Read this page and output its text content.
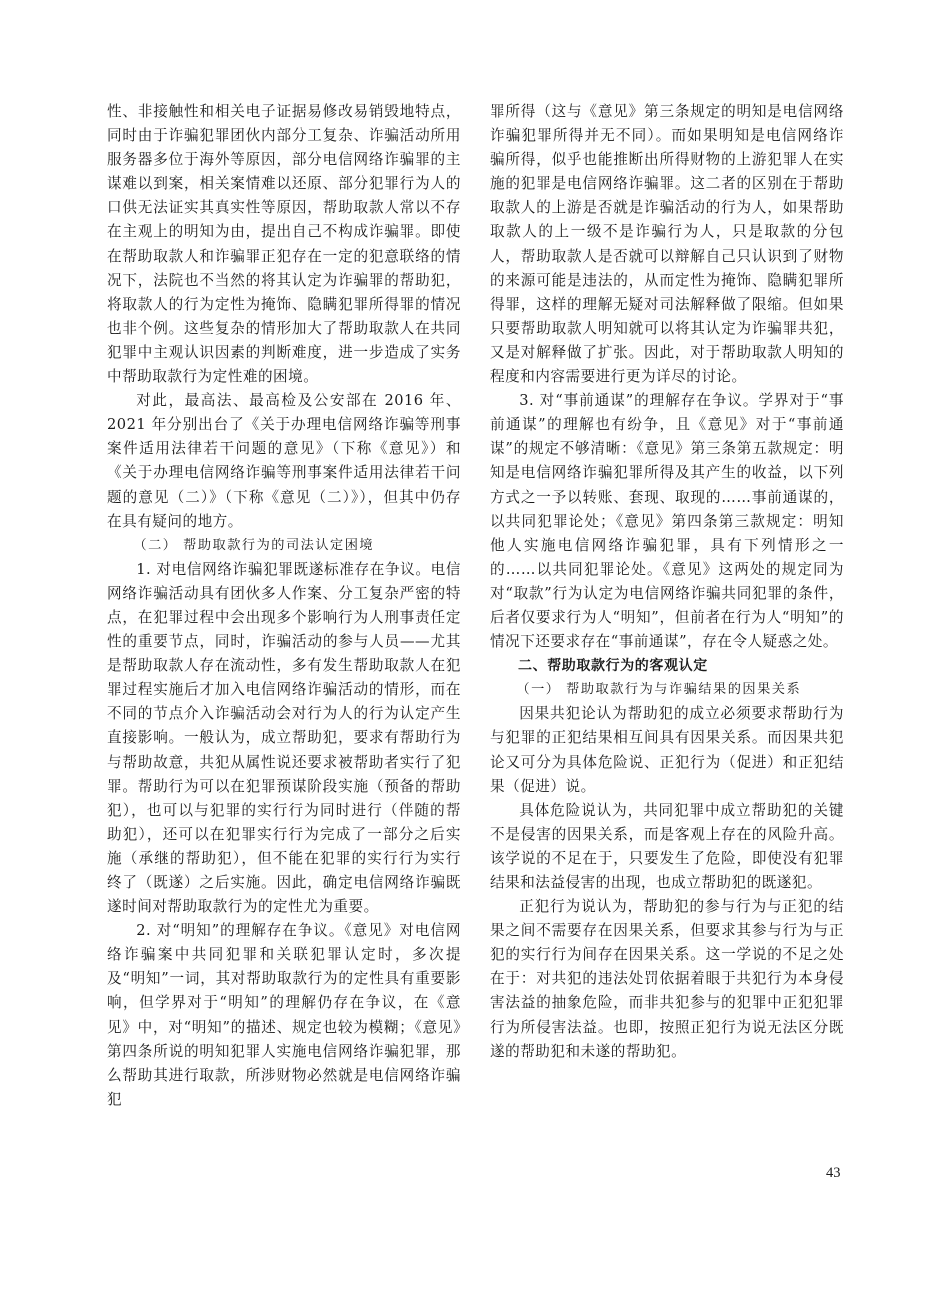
性、非接触性和相关电子证据易修改易销毁地特点，同时由于诈骗犯罪团伙内部分工复杂、诈骗活动所用服务器多位于海外等原因，部分电信网络诈骗罪的主谋难以到案，相关案情难以还原、部分犯罪行为人的口供无法证实其真实性等原因，帮助取款人常以不存在主观上的明知为由，提出自己不构成诈骗罪。即使在帮助取款人和诈骗罪正犯存在一定的犯意联络的情况下，法院也不当然的将其认定为诈骗罪的帮助犯，将取款人的行为定性为掩饰、隐瞒犯罪所得罪的情况也非个例。这些复杂的情形加大了帮助取款人在共同犯罪中主观认识因素的判断难度，进一步造成了实务中帮助取款行为定性难的困境。

对此，最高法、最高检及公安部在 2016 年、2021 年分别出台了《关于办理电信网络诈骗等刑事案件适用法律若干问题的意见》（下称《意见》）和《关于办理电信网络诈骗等刑事案件适用法律若干问题的意见（二）》（下称《意见（二）》），但其中仍存在具有疑问的地方。

（二） 帮助取款行为的司法认定困境

1. 对电信网络诈骗犯罪既遂标准存在争议。电信网络诈骗活动具有团伙多人作案、分工复杂严密的特点，在犯罪过程中会出现多个影响行为人刑事责任定性的重要节点，同时，诈骗活动的参与人员——尤其是帮助取款人存在流动性，多有发生帮助取款人在犯罪过程实施后才加入电信网络诈骗活动的情形，而在不同的节点介入诈骗活动会对行为人的行为认定产生直接影响。一般认为，成立帮助犯，要求有帮助行为与帮助故意，共犯从属性说还要求被帮助者实行了犯罪。帮助行为可以在犯罪预谋阶段实施（预备的帮助犯），也可以与犯罪的实行行为同时进行（伴随的帮助犯），还可以在犯罪实行行为完成了一部分之后实施（承继的帮助犯），但不能在犯罪的实行行为实行终了（既遂）之后实施。因此，确定电信网络诈骗既遂时间对帮助取款行为的定性尤为重要。

2. 对“明知”的理解存在争议。《意见》对电信网络诈骗案中共同犯罪和关联犯罪认定时，多次提及“明知”一词，其对帮助取款行为的定性具有重要影响，但学界对于“明知”的理解仍存在争议，在《意见》中，对“明知”的描述、规定也较为模糊；《意见》第四条所说的明知犯罪人实施电信网络诈骗犯罪，那么帮助其进行取款，所涉财物必然就是电信网络诈骗犯

罪所得（这与《意见》第三条规定的明知是电信网络诈骗犯罪所得并无不同）。而如果明知是电信网络诈骗所得，似乎也能推断出所得财物的上游犯罪人在实施的犯罪是电信网络诈骗罪。这二者的区别在于帮助取款人的上游是否就是诈骗活动的行为人，如果帮助取款人的上一级不是诈骗行为人，只是取款的分包人，帮助取款人是否就可以辩解自己只认识到了财物的来源可能是违法的，从而定性为掩饰、隐瞒犯罪所得罪，这样的理解无疑对司法解释做了限缩。但如果只要帮助取款人明知就可以将其认定为诈骗罪共犯，又是对解释做了扩张。因此，对于帮助取款人明知的程度和内容需要进行更为详尽的讨论。

3. 对“事前通谋”的理解存在争议。学界对于“事前通谋”的理解也有纷争，且《意见》对于“事前通谋”的规定不够清晰：《意见》第三条第五款规定：明知是电信网络诈骗犯罪所得及其产生的收益，以下列方式之一予以转账、套现、取现的……事前通谋的，以共同犯罪论处；《意见》第四条第三款规定：明知他人实施电信网络诈骗犯罪，具有下列情形之一的……以共同犯罪论处。《意见》这两处的规定同为对“取款”行为认定为电信网络诈骗共同犯罪的条件，后者仅要求行为人“明知”，但前者在行为人“明知”的情况下还要求存在“事前通谋”，存在令人疑惑之处。

二、帮助取款行为的客观认定

（一） 帮助取款行为与诈骗结果的因果关系

因果共犯论认为帮助犯的成立必须要求帮助行为与犯罪的正犯结果相互间具有因果关系。而因果共犯论又可分为具体危险说、正犯行为（促进）和正犯结果（促进）说。

具体危险说认为，共同犯罪中成立帮助犯的关键不是侵害的因果关系，而是客观上存在的风险升高。该学说的不足在于，只要发生了危险，即使没有犯罪结果和法益侵害的出现，也成立帮助犯的既遂犯。

正犯行为说认为，帮助犯的参与行为与正犯的结果之间不需要存在因果关系，但要求其参与行为与正犯的实行行为间存在因果关系。这一学说的不足之处在于：对共犯的违法处罚依据着眼于共犯行为本身侵害法益的抽象危险，而非共犯参与的犯罪中正犯犯罪行为所侵害法益。也即，按照正犯行为说无法区分既遂的帮助犯和未遂的帮助犯。

43
